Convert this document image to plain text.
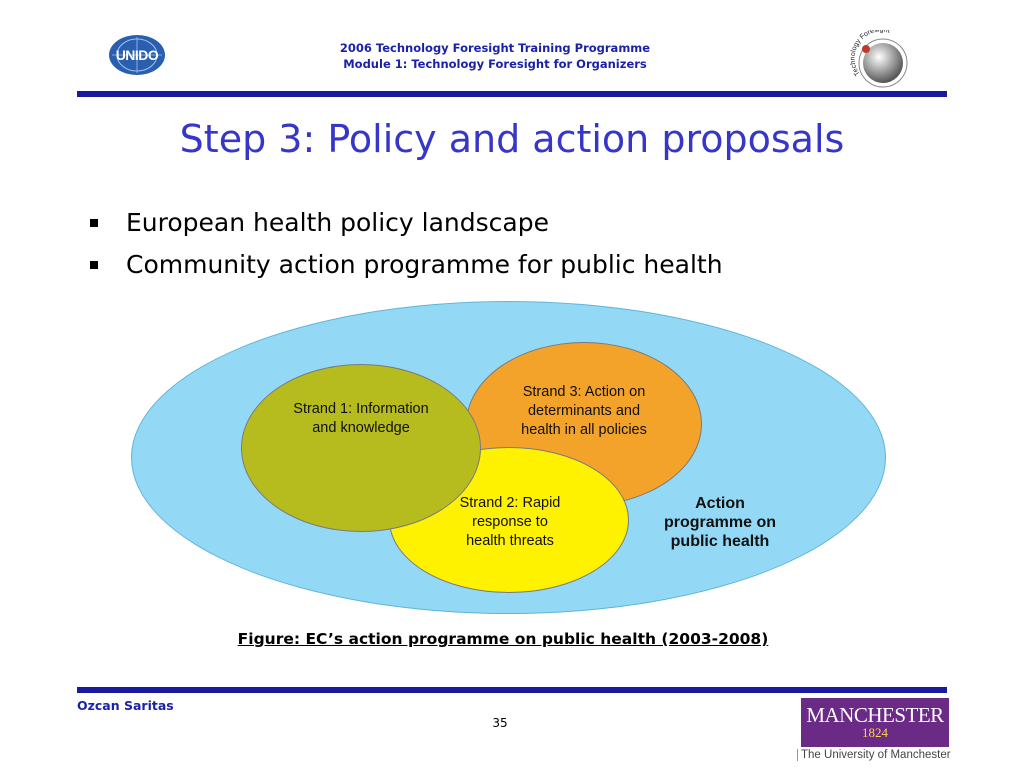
UNIDO	2006 Technology Foresight Training Programme
Module 1: Technology Foresight for Organizers
Technology Foresight
Step 3: Policy and action proposals
European health policy landscape
Community action programme for public health
Strand 1: Information
and knowledge
Strand 3: Action on
determinants and
health in all policies
Strand 2: Rapid
response to
health threats
Action
programme on
public health
Figure: EC’s action programme on public health (2003-2008)
Ozcan Saritas
35	MANCHESTER
1824
The University of Manchester
